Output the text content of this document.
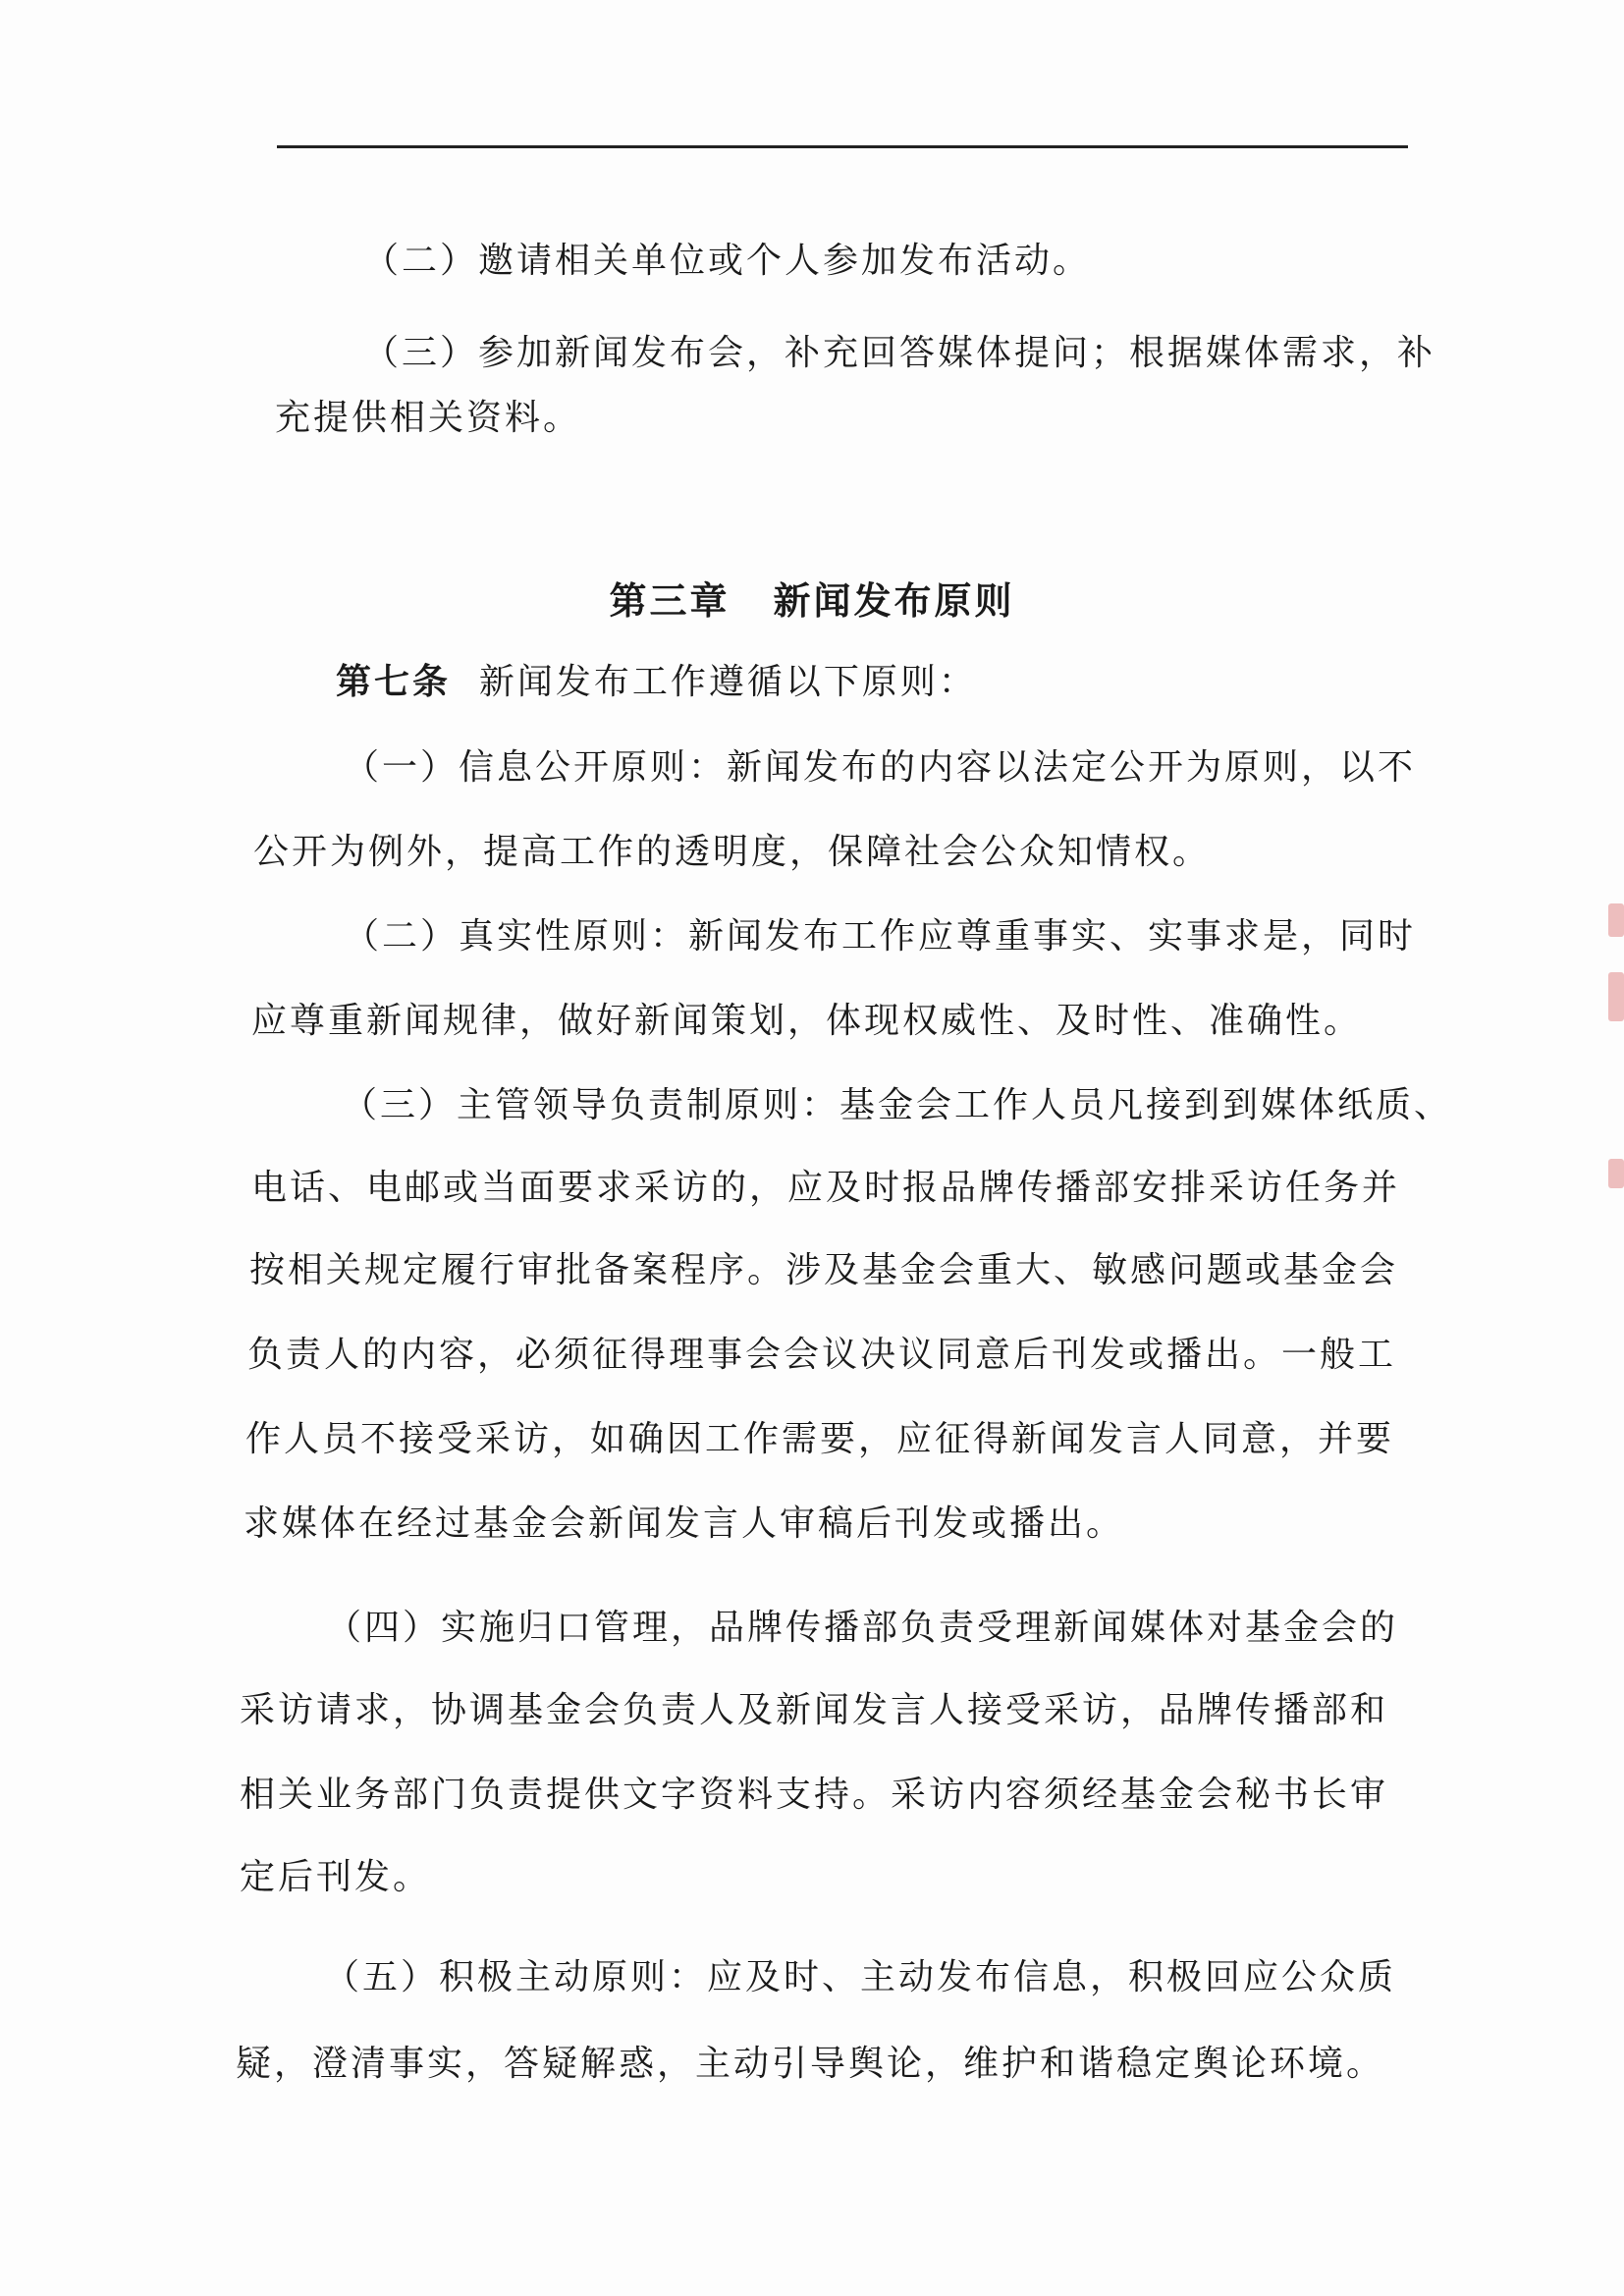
（二）邀请相关单位或个人参加发布活动。
（三）参加新闻发布会，补充回答媒体提问；根据媒体需求，补
充提供相关资料。
第三章 新闻发布原则
第七条 新闻发布工作遵循以下原则：
（一）信息公开原则：新闻发布的内容以法定公开为原则，以不
公开为例外，提高工作的透明度，保障社会公众知情权。
（二）真实性原则：新闻发布工作应尊重事实、实事求是，同时
应尊重新闻规律，做好新闻策划，体现权威性、及时性、准确性。
（三）主管领导负责制原则：基金会工作人员凡接到到媒体纸质、
电话、电邮或当面要求采访的，应及时报品牌传播部安排采访任务并
按相关规定履行审批备案程序。涉及基金会重大、敏感问题或基金会
负责人的内容，必须征得理事会会议决议同意后刊发或播出。一般工
作人员不接受采访，如确因工作需要，应征得新闻发言人同意，并要
求媒体在经过基金会新闻发言人审稿后刊发或播出。
（四）实施归口管理，品牌传播部负责受理新闻媒体对基金会的
采访请求，协调基金会负责人及新闻发言人接受采访，品牌传播部和
相关业务部门负责提供文字资料支持。采访内容须经基金会秘书长审
定后刊发。
（五）积极主动原则：应及时、主动发布信息，积极回应公众质
疑，澄清事实，答疑解惑，主动引导舆论，维护和谐稳定舆论环境。
